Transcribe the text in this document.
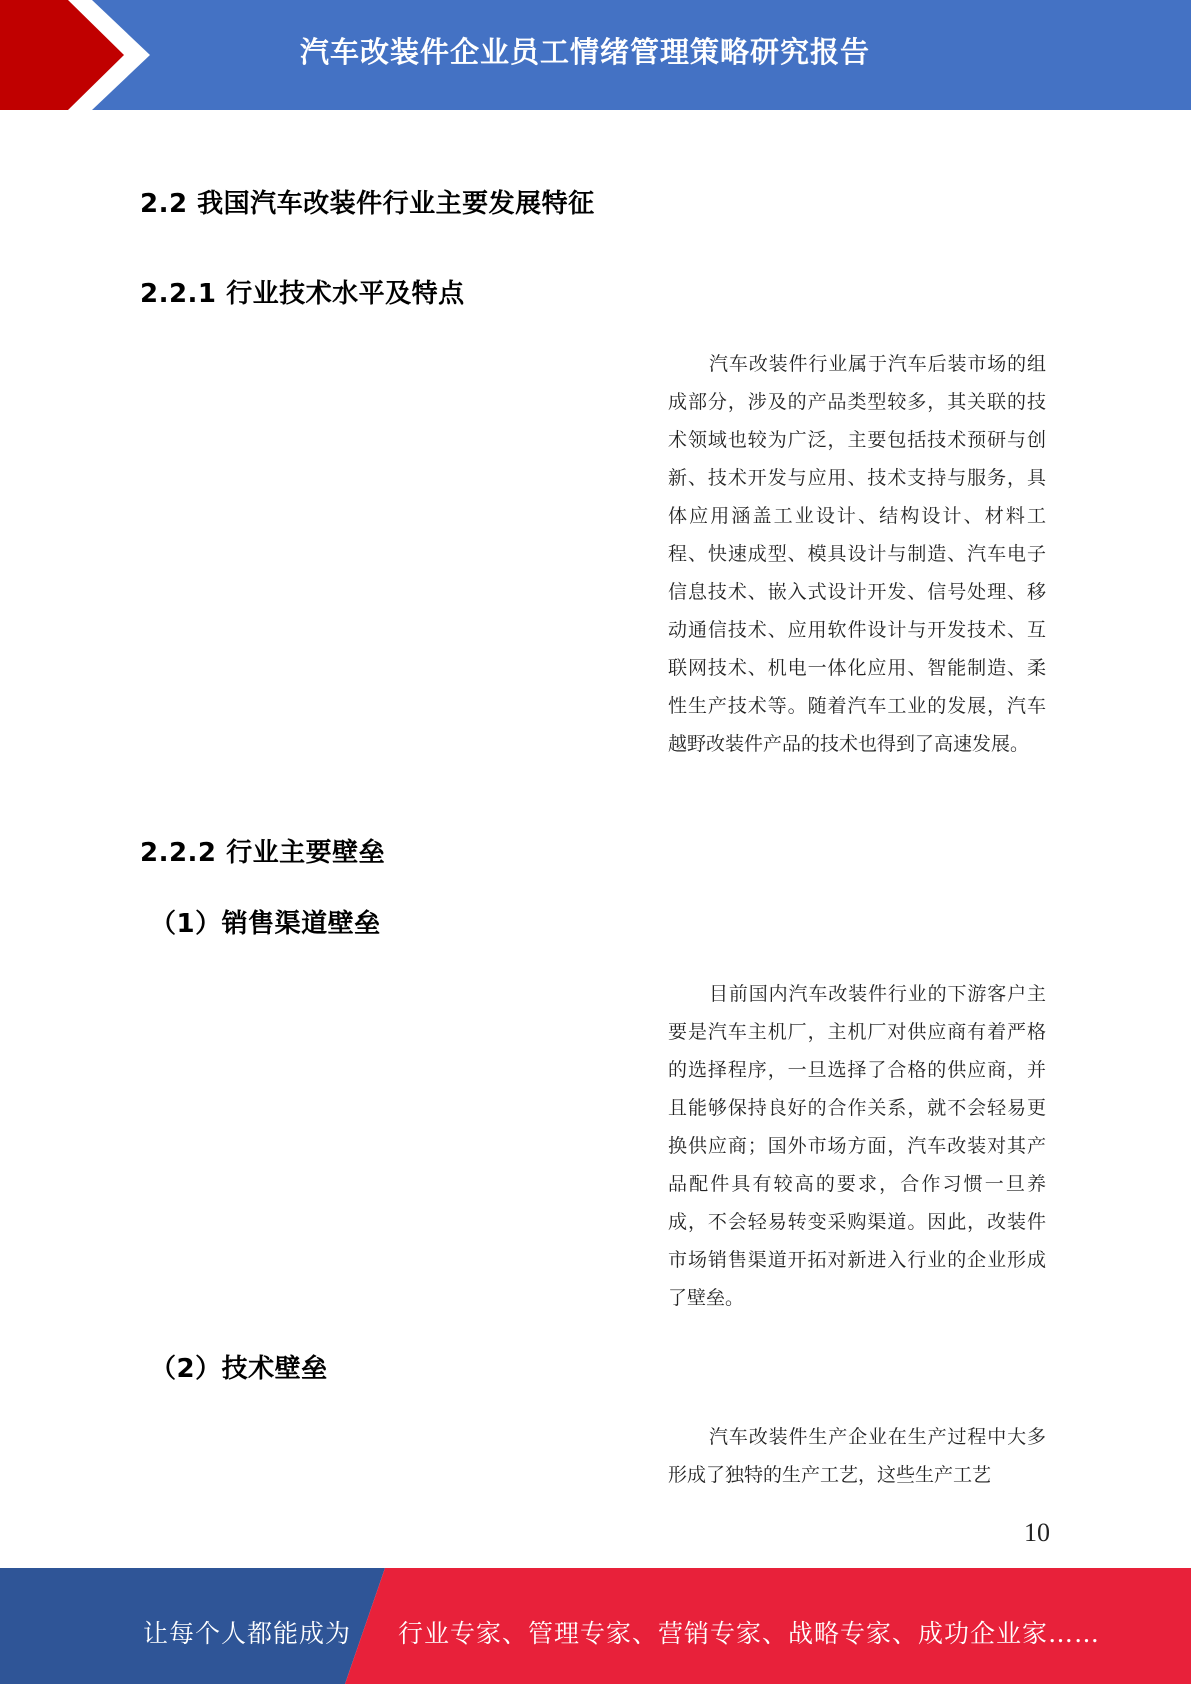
汽车改装件企业员工情绪管理策略研究报告
2.2 我国汽车改装件行业主要发展特征
2.2.1 行业技术水平及特点

汽车改装件行业属于汽车后装市场的组成部分，涉及的产品类型较多，其关联的技术领域也较为广泛，主要包括技术预研与创新、技术开发与应用、技术支持与服务，具体应用涵盖工业设计、结构设计、材料工程、快速成型、模具设计与制造、汽车电子信息技术、嵌入式设计开发、信号处理、移动通信技术、应用软件设计与开发技术、互联网技术、机电一体化应用、智能制造、柔性生产技术等。随着汽车工业的发展，汽车越野改装件产品的技术也得到了高速发展。

2.2.2 行业主要壁垒
（1）销售渠道壁垒

目前国内汽车改装件行业的下游客户主要是汽车主机厂，主机厂对供应商有着严格的选择程序，一旦选择了合格的供应商，并且能够保持良好的合作关系，就不会轻易更换供应商；国外市场方面，汽车改装对其产品配件具有较高的要求，合作习惯一旦养成，不会轻易转变采购渠道。因此，改装件市场销售渠道开拓对新进入行业的企业形成了壁垒。

（2）技术壁垒

汽车改装件生产企业在生产过程中大多形成了独特的生产工艺，这些生产工艺

10
让每个人都能成为 行业专家、管理专家、营销专家、战略专家、成功企业家……
